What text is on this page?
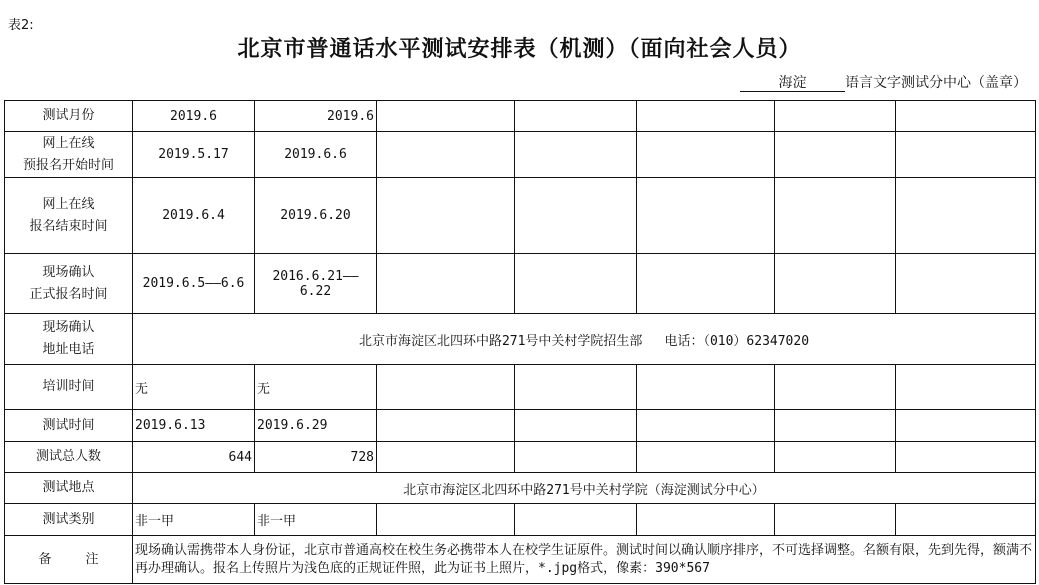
表2:
北京市普通话水平测试安排表（机测）（面向社会人员）
海淀	语言文字测试分中心（盖章）
测试月份	2019.6	2019.6					
网上在线
预报名开始时间	2019.5.17	2019.6.6					
网上在线
报名结束时间	2019.6.4	2019.6.20					
现场确认
正式报名时间	2019.6.5——6.6	2016.6.21——6.22					
现场确认
地址电话	北京市海淀区北四环中路271号中关村学院招生部 电话：（010）62347020						
培训时间	无	无					
测试时间	2019.6.13	2019.6.29					
测试总人数	644	728					
测试地点	北京市海淀区北四环中路271号中关村学院（海淀测试分中心）						
测试类别	非一甲	非一甲					
备 注	现场确认需携带本人身份证，北京市普通高校在校生务必携带本人在校学生证原件。测试时间以确认顺序排序，不可选择调整。名额有限，先到先得，额满不
再办理确认。报名上传照片为浅色底的正规证件照，此为证书上照片，*.jpg格式，像素：390*567						
